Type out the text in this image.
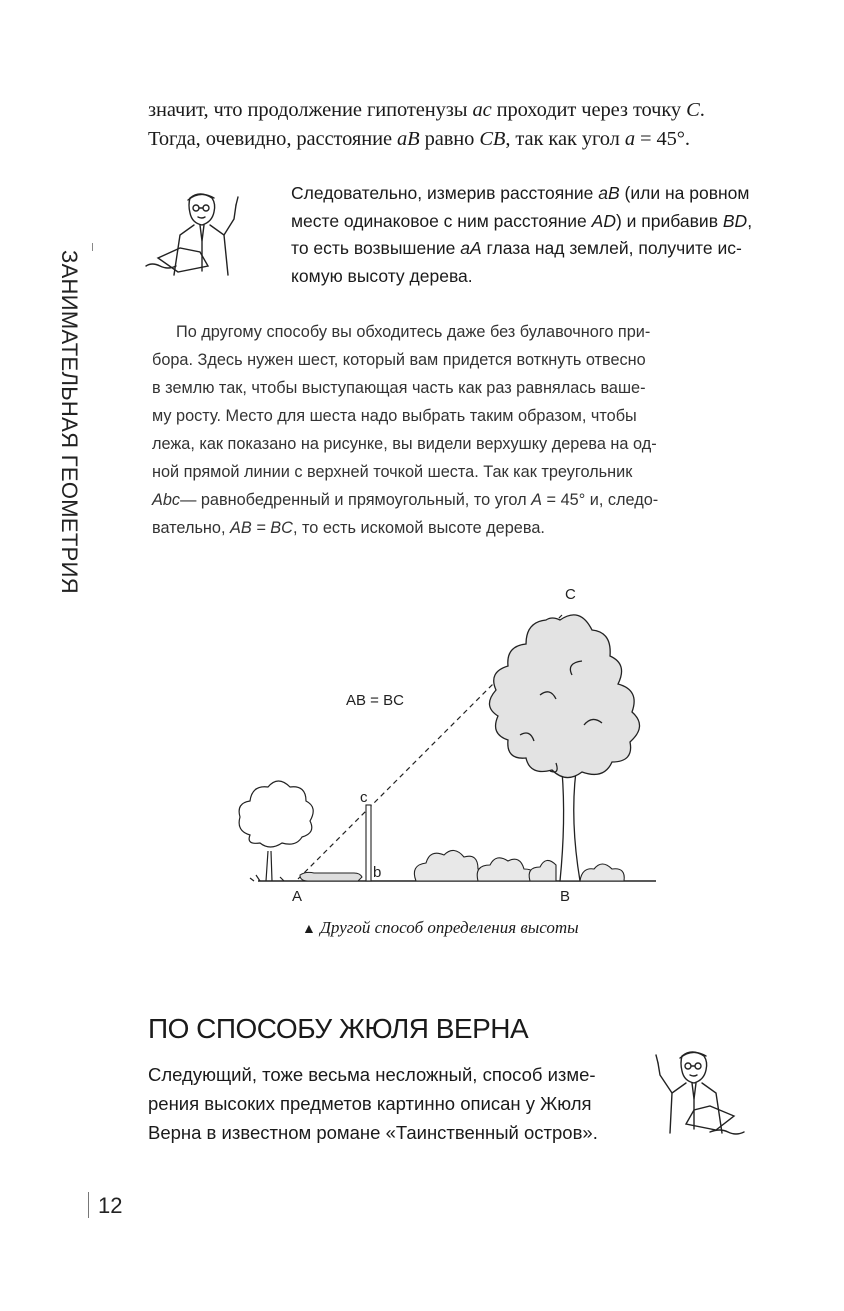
ЗАНИМАТЕЛЬНАЯ ГЕОМЕТРИЯ
значит, что продолжение гипотенузы ас проходит через точку С.
Тогда, очевидно, расстояние аВ равно СВ, так как угол а = 45°.
Следовательно, измерив расстояние аВ (или на ровном
месте одинаковое с ним расстояние AD) и прибавив BD,
то есть возвышение аА глаза над землей, получите ис-
комую высоту дерева.
По другому способу вы обходитесь даже без булавочного при-
бора. Здесь нужен шест, который вам придется воткнуть отвесно
в землю так, чтобы выступающая часть как раз равнялась ваше-
му росту. Место для шеста надо выбрать таким образом, чтобы
лежа, как показано на рисунке, вы видели верхушку дерева на од-
ной прямой линии с верхней точкой шеста. Так как треугольник
Abc— равнобедренный и прямоугольный, то угол A = 45° и, следо-
вательно, AB = BC, то есть искомой высоте дерева.
AB = BC
A	B
C
b
c
▲ Другой способ определения высоты
ПО СПОСОБУ ЖЮЛЯ ВЕРНА
Следующий, тоже весьма несложный, способ изме-
рения высоких предметов картинно описан у Жюля
Верна в известном романе «Таинственный остров».
12
